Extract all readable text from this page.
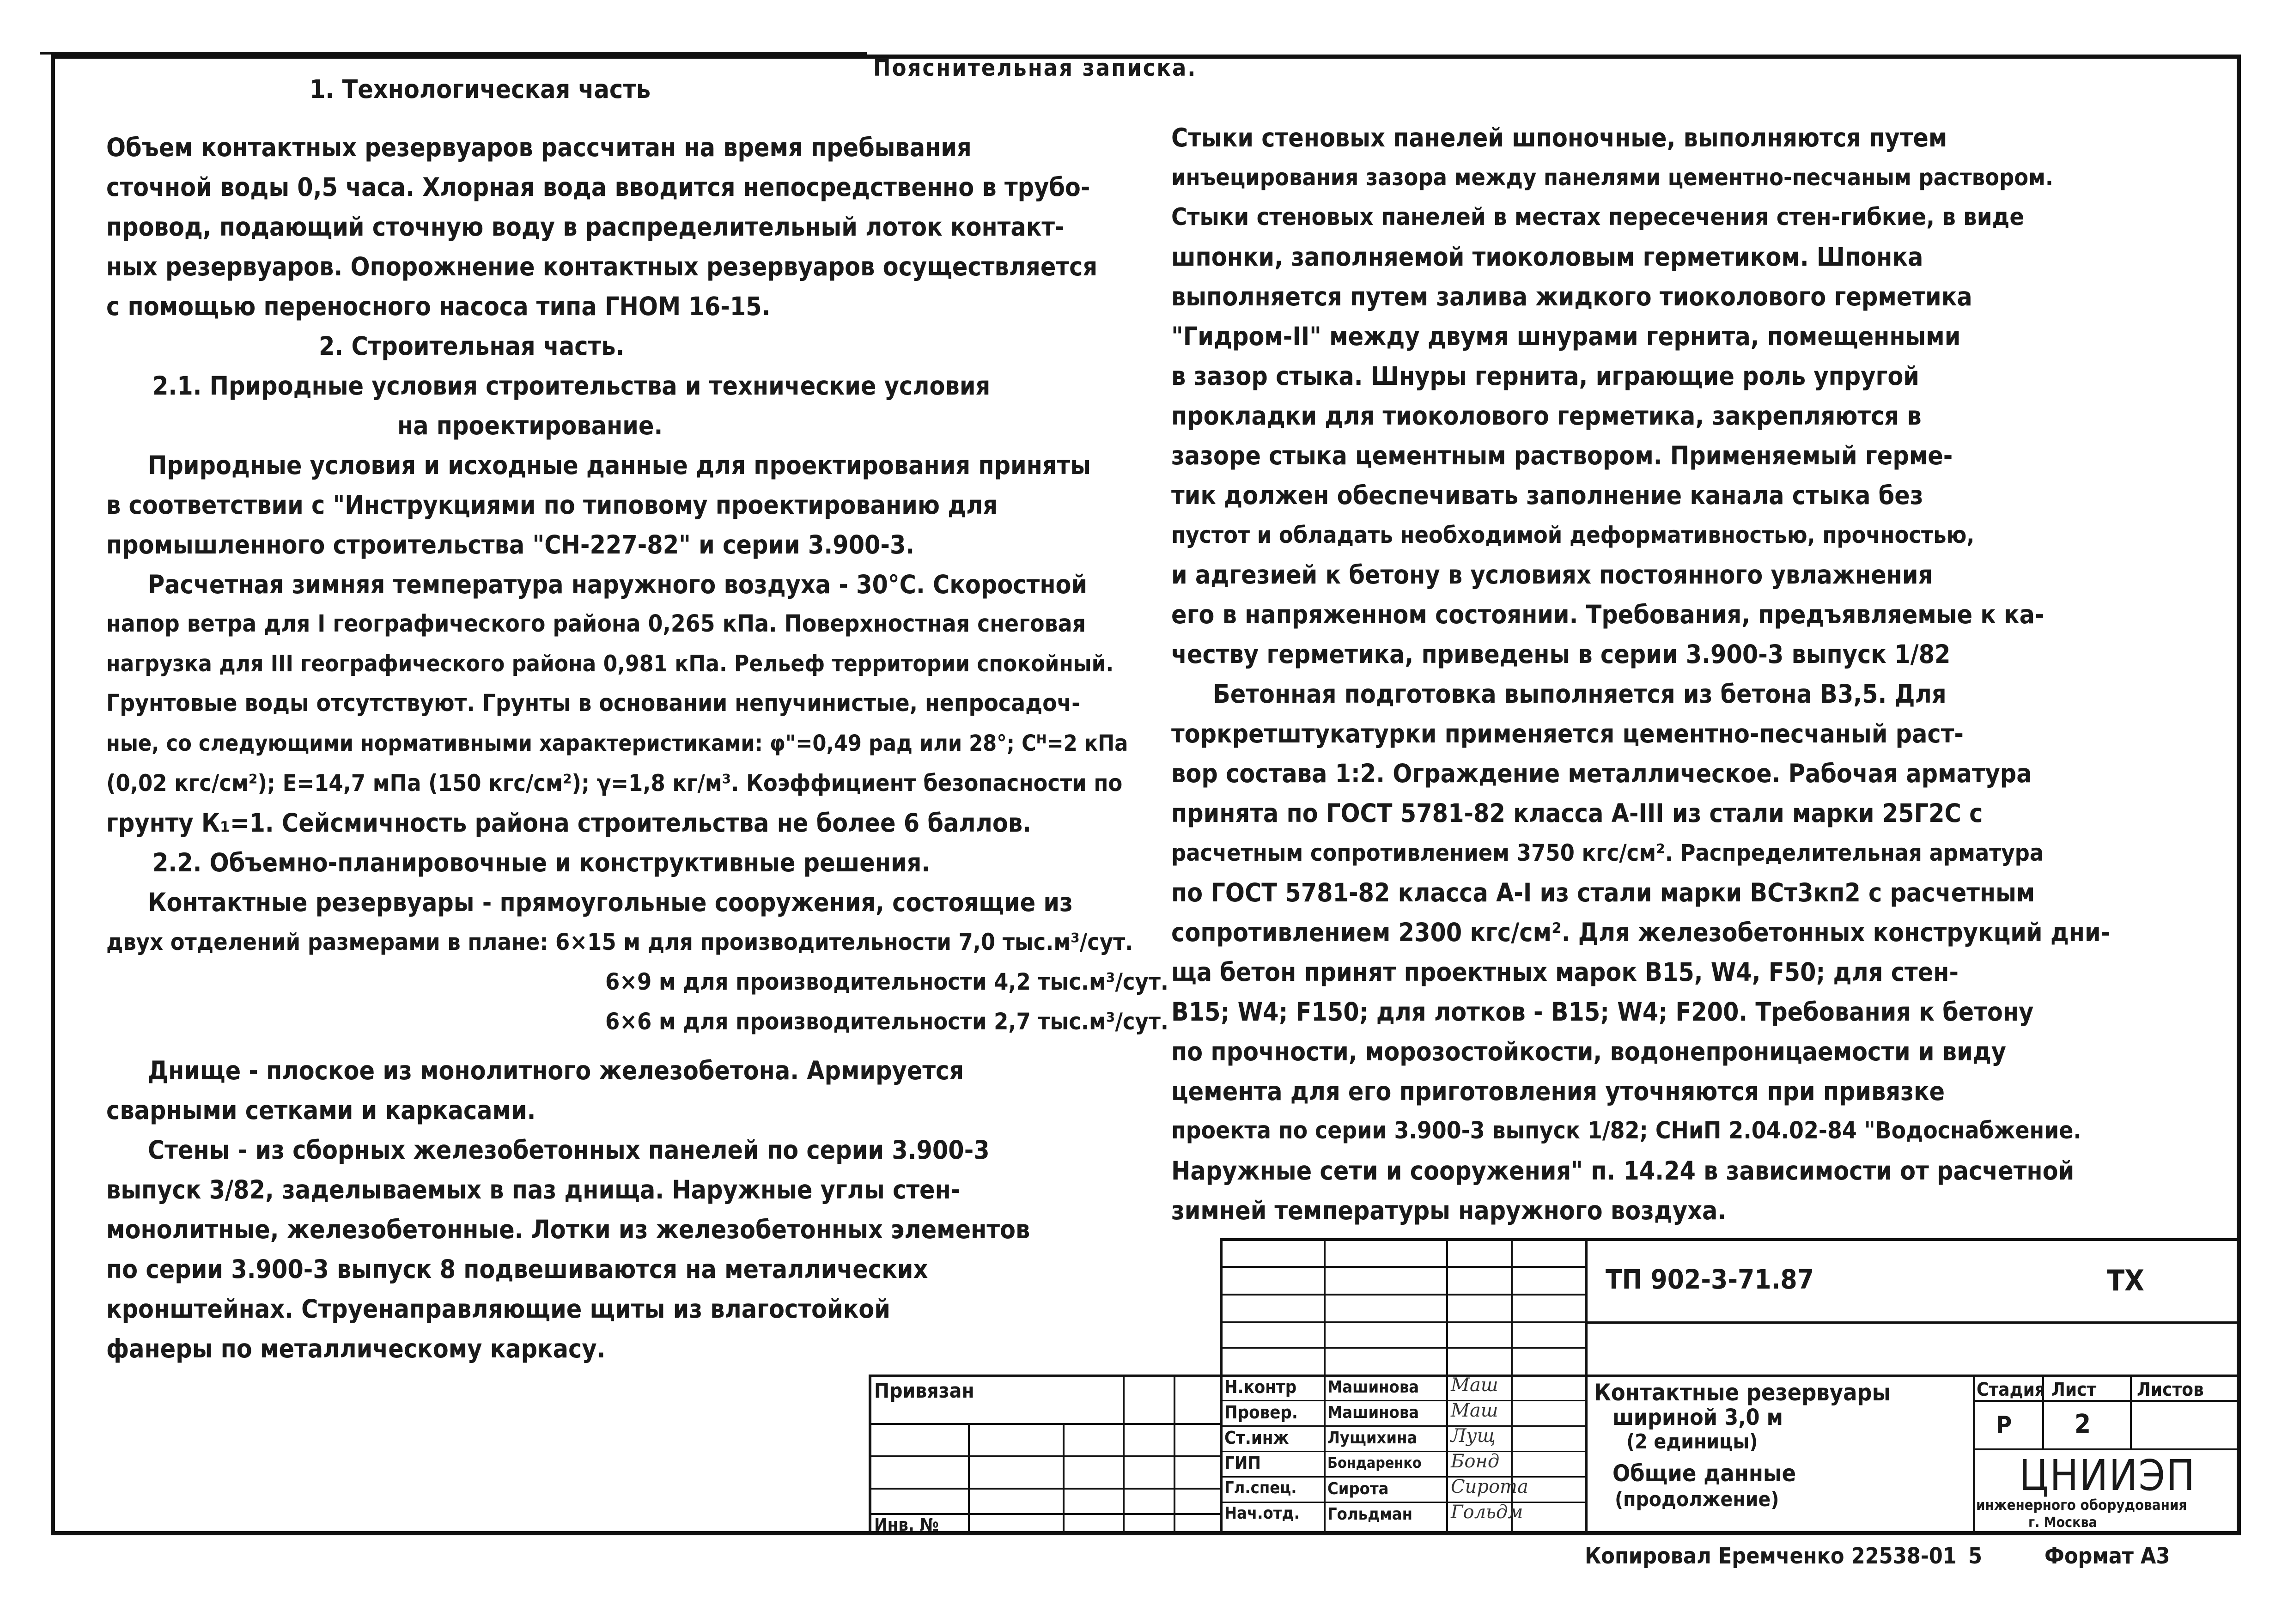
Пояснительная записка.

1. Технологическая часть

Объем контактных резервуаров рассчитан на время пребывания

сточной воды 0,5 часа. Хлорная вода вводится непосредственно в трубо-

провод, подающий сточную воду в распределительный лоток контакт-

ных резервуаров. Опорожнение контактных резервуаров осуществляется

с помощью переносного насоса типа ГНОМ 16-15.

2. Строительная часть.

2.1. Природные условия строительства и технические условия

на проектирование.

Природные условия и исходные данные для проектирования приняты

в соответствии с "Инструкциями по типовому проектированию для

промышленного строительства "СН-227-82" и серии 3.900-3.

Расчетная зимняя температура наружного воздуха - 30°С. Скоростной

напор ветра для I географического района 0,265 кПа. Поверхностная снеговая

нагрузка для III географического района 0,981 кПа. Рельеф территории спокойный.

Грунтовые воды отсутствуют. Грунты в основании непучинистые, непросадоч-

ные, со следующими нормативными характеристиками: φ"=0,49 рад или 28°; Сᴴ=2 кПа

(0,02 кгс/см²); Е=14,7 мПа (150 кгс/см²); γ=1,8 кг/м³. Коэффициент безопасности по

грунту К₁=1. Сейсмичность района строительства не более 6 баллов.

2.2. Объемно-планировочные и конструктивные решения.

Контактные резервуары - прямоугольные сооружения, состоящие из

двух отделений размерами в плане: 6×15 м для производительности 7,0 тыс.м³/сут.

6×9 м для производительности 4,2 тыс.м³/сут.

6×6 м для производительности 2,7 тыс.м³/сут.

Днище - плоское из монолитного железобетона. Армируется

сварными сетками и каркасами.

Стены - из сборных железобетонных панелей по серии 3.900-3

выпуск 3/82, заделываемых в паз днища. Наружные углы стен-

монолитные, железобетонные. Лотки из железобетонных элементов

по серии 3.900-3 выпуск 8 подвешиваются на металлических

кронштейнах. Струенаправляющие щиты из влагостойкой

фанеры по металлическому каркасу.

Стыки стеновых панелей шпоночные, выполняются путем

инъецирования зазора между панелями цементно-песчаным раствором.

Стыки стеновых панелей в местах пересечения стен-гибкие, в виде

шпонки, заполняемой тиоколовым герметиком. Шпонка

выполняется путем залива жидкого тиоколового герметика

"Гидром-II" между двумя шнурами гернита, помещенными

в зазор стыка. Шнуры гернита, играющие роль упругой

прокладки для тиоколового герметика, закрепляются в

зазоре стыка цементным раствором. Применяемый герме-

тик должен обеспечивать заполнение канала стыка без

пустот и обладать необходимой деформативностью, прочностью,

и адгезией к бетону в условиях постоянного увлажнения

его в напряженном состоянии. Требования, предъявляемые к ка-

честву герметика, приведены в серии 3.900-3 выпуск 1/82

Бетонная подготовка выполняется из бетона В3,5. Для

торкретштукатурки применяется цементно-песчаный раст-

вор состава 1:2. Ограждение металлическое. Рабочая арматура

принята по ГОСТ 5781-82 класса А-III из стали марки 25Г2С с

расчетным сопротивлением 3750 кгс/см². Распределительная арматура

по ГОСТ 5781-82 класса А-I из стали марки ВСт3кп2 с расчетным

сопротивлением 2300 кгс/см². Для железобетонных конструкций дни-

ща бетон принят проектных марок В15, W4, F50; для стен-

В15; W4; F150; для лотков - В15; W4; F200. Требования к бетону

по прочности, морозостойкости, водонепроницаемости и виду

цемента для его приготовления уточняются при привязке

проекта по серии 3.900-3 выпуск 1/82; СНиП 2.04.02-84 "Водоснабжение.

Наружные сети и сооружения" п. 14.24 в зависимости от расчетной

зимней температуры наружного воздуха.

ТП 902-3-71.87	ТХ
Привязан
Инв. №
Н.контр
Провер.
Ст.инж
ГИП
Гл.спец.
Нач.отд.
Машинова
Машинова
Лущихина
Бондаренко
Сирота
Гольдман
Маш
Маш
Лущ
Бонд
Сирота
Гольдм
Контактные резервуары
шириной 3,0 м
(2 единицы)
Общие данные
(продолжение)
Стадия Лист Листов
Р 2
ЦНИИЭП
инженерного оборудования
г. Москва
Копировал Еремченко 22538-01 5	Формат А3
